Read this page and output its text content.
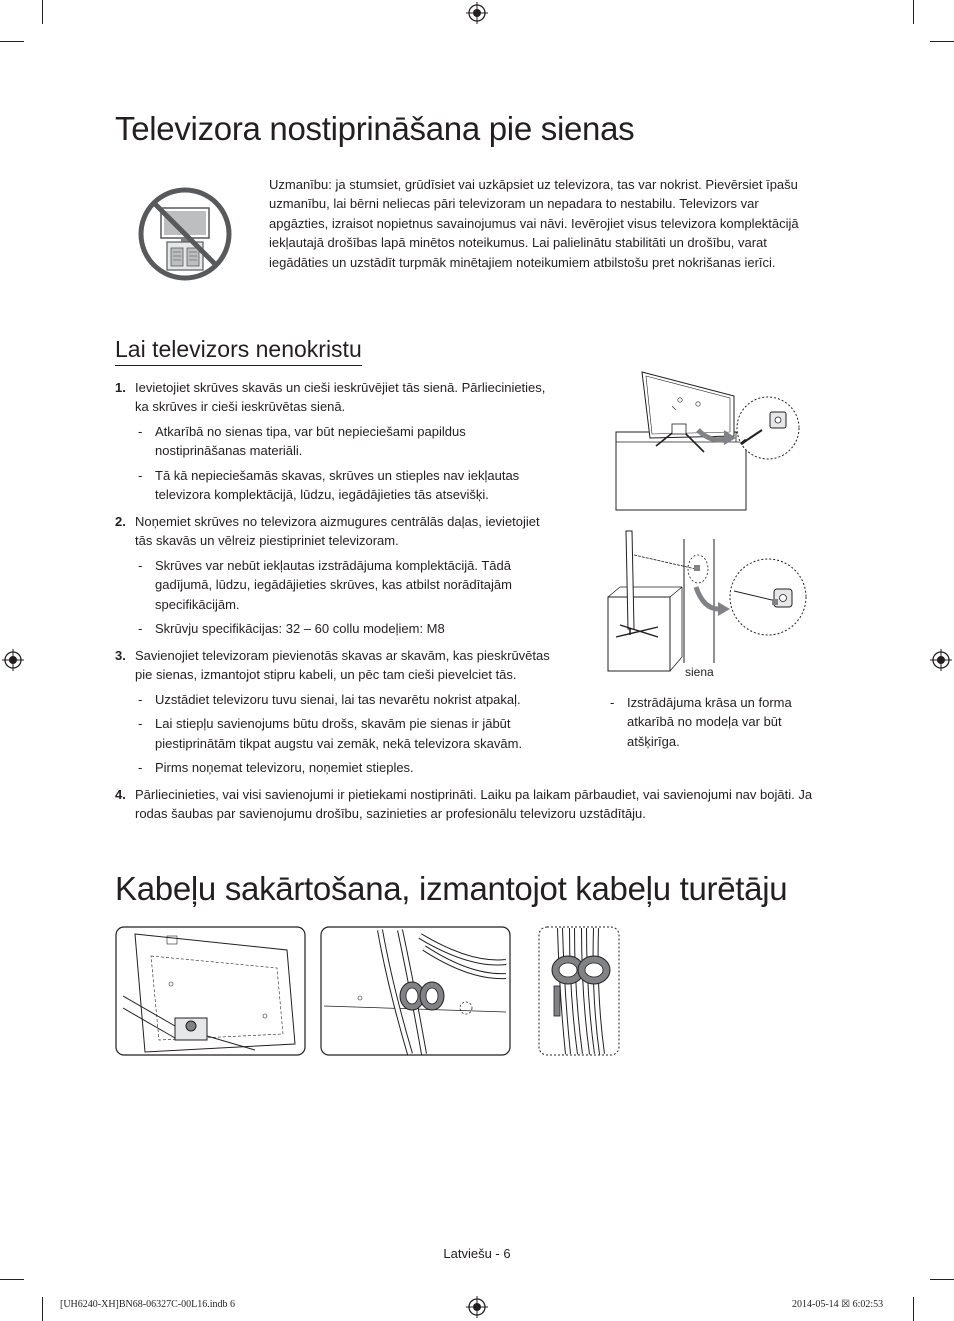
Televizora nostiprināšana pie sienas

Uzmanību: ja stumsiet, grūdīsiet vai uzkāpsiet uz televizora, tas var nokrist. Pievērsiet īpašu uzmanību, lai bērni neliecas pāri televizoram un nepadara to nestabilu. Televizors var apgāzties, izraisot nopietnus savainojumus vai nāvi. Ievērojiet visus televizora komplektācijā iekļautajā drošības lapā minētos noteikumus. Lai palielinātu stabilitāti un drošību, varat iegādāties un uzstādīt turpmāk minētajiem noteikumiem atbilstošu pret nokrišanas ierīci.

Lai televizors nenokristu
1. Ievietojiet skrūves skavās un cieši ieskrūvējiet tās sienā. Pārliecinieties, ka skrūves ir cieši ieskrūvētas sienā.
- Atkarībā no sienas tipa, var būt nepieciešami papildus nostiprināšanas materiāli.
- Tā kā nepieciešamās skavas, skrūves un stieples nav iekļautas televizora komplektācijā, lūdzu, iegādājieties tās atsevišķi.
2. Noņemiet skrūves no televizora aizmugures centrālās daļas, ievietojiet tās skavās un vēlreiz piestipriniet televizoram.
- Skrūves var nebūt iekļautas izstrādājuma komplektācijā. Tādā gadījumā, lūdzu, iegādājieties skrūves, kas atbilst norādītajām specifikācijām.
- Skrūvju specifikācijas: 32 – 60 collu modeļiem: M8
3. Savienojiet televizoram pievienotās skavas ar skavām, kas pieskrūvētas pie sienas, izmantojot stipru kabeli, un pēc tam cieši pievelciet tās.
- Uzstādiet televizoru tuvu sienai, lai tas nevarētu nokrist atpakaļ.
- Lai stiepļu savienojums būtu drošs, skavām pie sienas ir jābūt piestiprinātām tikpat augstu vai zemāk, nekā televizora skavām.
- Pirms noņemat televizoru, noņemiet stieples.
4. Pārliecinieties, vai visi savienojumi ir pietiekami nostiprināti. Laiku pa laikam pārbaudiet, vai savienojumi nav bojāti. Ja rodas šaubas par savienojumu drošību, sazinieties ar profesionālu televizoru uzstādītāju.
siena
- Izstrādājuma krāsa un forma atkarībā no modeļa var būt atšķirīga.
Kabeļu sakārtošana, izmantojot kabeļu turētāju
Latviešu - 6
[UH6240-XH]BN68-06327C-00L16.indb 6	2014-05-14 ☒ 6:02:53
